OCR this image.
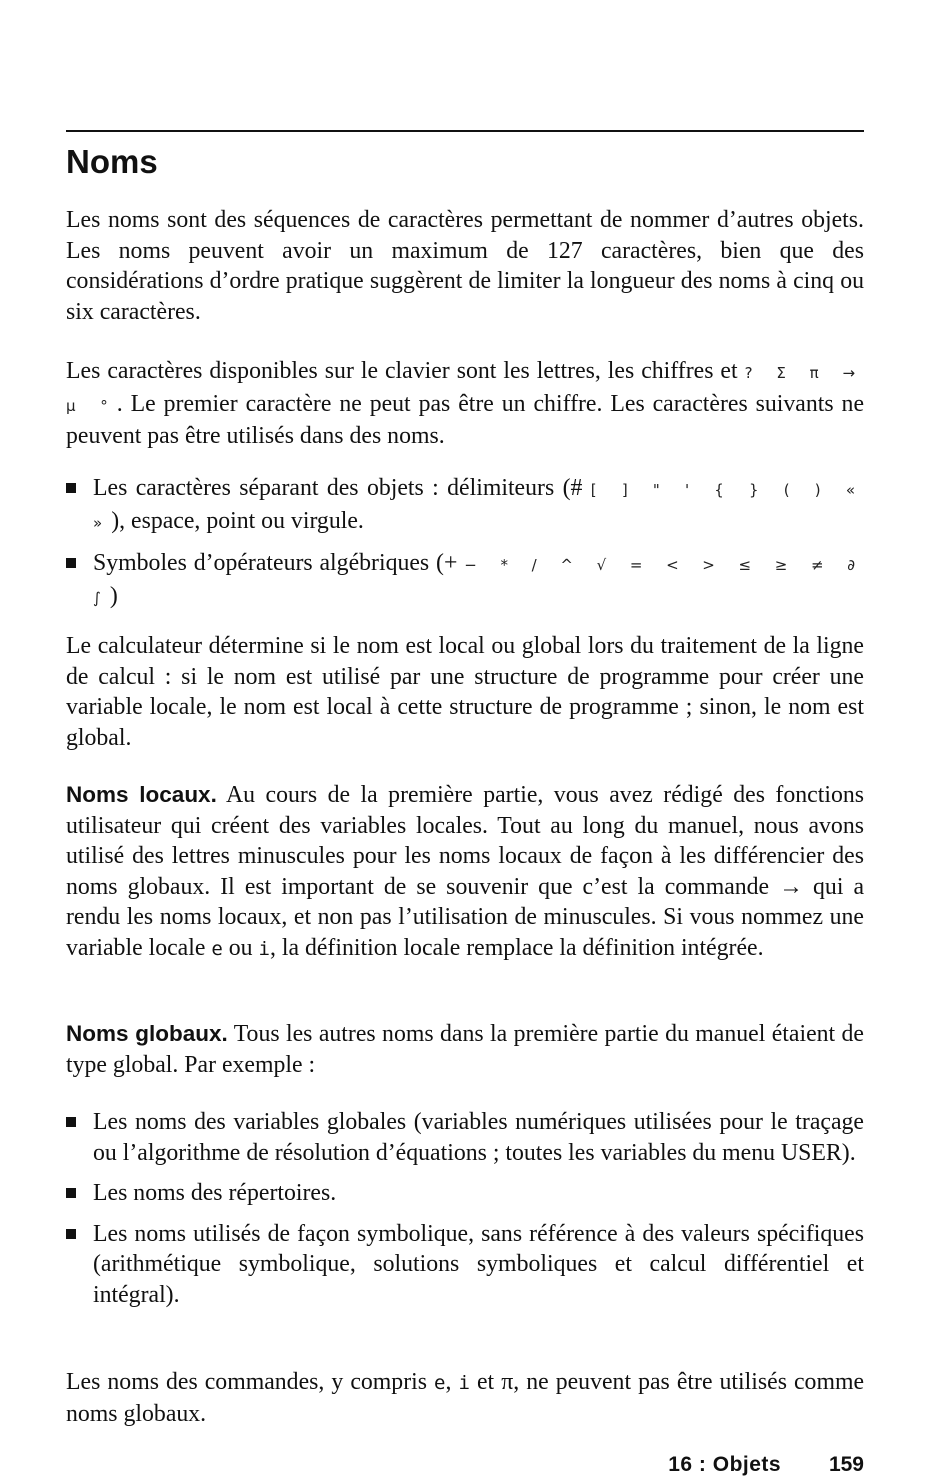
Noms

Les noms sont des séquences de caractères permettant de nommer d’autres objets. Les noms peuvent avoir un maximum de 127 caractères, bien que des considérations d’ordre pratique suggèrent de limiter la longueur des noms à cinq ou six caractères.

Les caractères disponibles sur le clavier sont les lettres, les chiffres et ? Σ π → μ °. Le premier caractère ne peut pas être un chiffre. Les caractères suivants ne peuvent pas être utilisés dans des noms.

Les caractères séparant des objets : délimiteurs (# [ ] " ' { } ( ) « »), espace, point ou virgule.
Symboles d’opérateurs algébriques (+ − * / ^ √ = < > ≤ ≥ ≠ ∂ ∫)

Le calculateur détermine si le nom est local ou global lors du traitement de la ligne de calcul : si le nom est utilisé par une structure de programme pour créer une variable locale, le nom est local à cette structure de programme ; sinon, le nom est global.

Noms locaux. Au cours de la première partie, vous avez rédigé des fonctions utilisateur qui créent des variables locales. Tout au long du manuel, nous avons utilisé des lettres minuscules pour les noms locaux de façon à les différencier des noms globaux. Il est important de se souvenir que c’est la commande → qui a rendu les noms locaux, et non pas l’utilisation de minuscules. Si vous nommez une variable locale e ou i, la définition locale remplace la définition intégrée.

Noms globaux. Tous les autres noms dans la première partie du manuel étaient de type global. Par exemple :

Les noms des variables globales (variables numériques utilisées pour le traçage ou l’algorithme de résolution d’équations ; toutes les variables du menu USER).
Les noms des répertoires.
Les noms utilisés de façon symbolique, sans référence à des valeurs spécifiques (arithmétique symbolique, solutions symboliques et calcul différentiel et intégral).

Les noms des commandes, y compris e, i et π, ne peuvent pas être utilisés comme noms globaux.

16 : Objets 159
